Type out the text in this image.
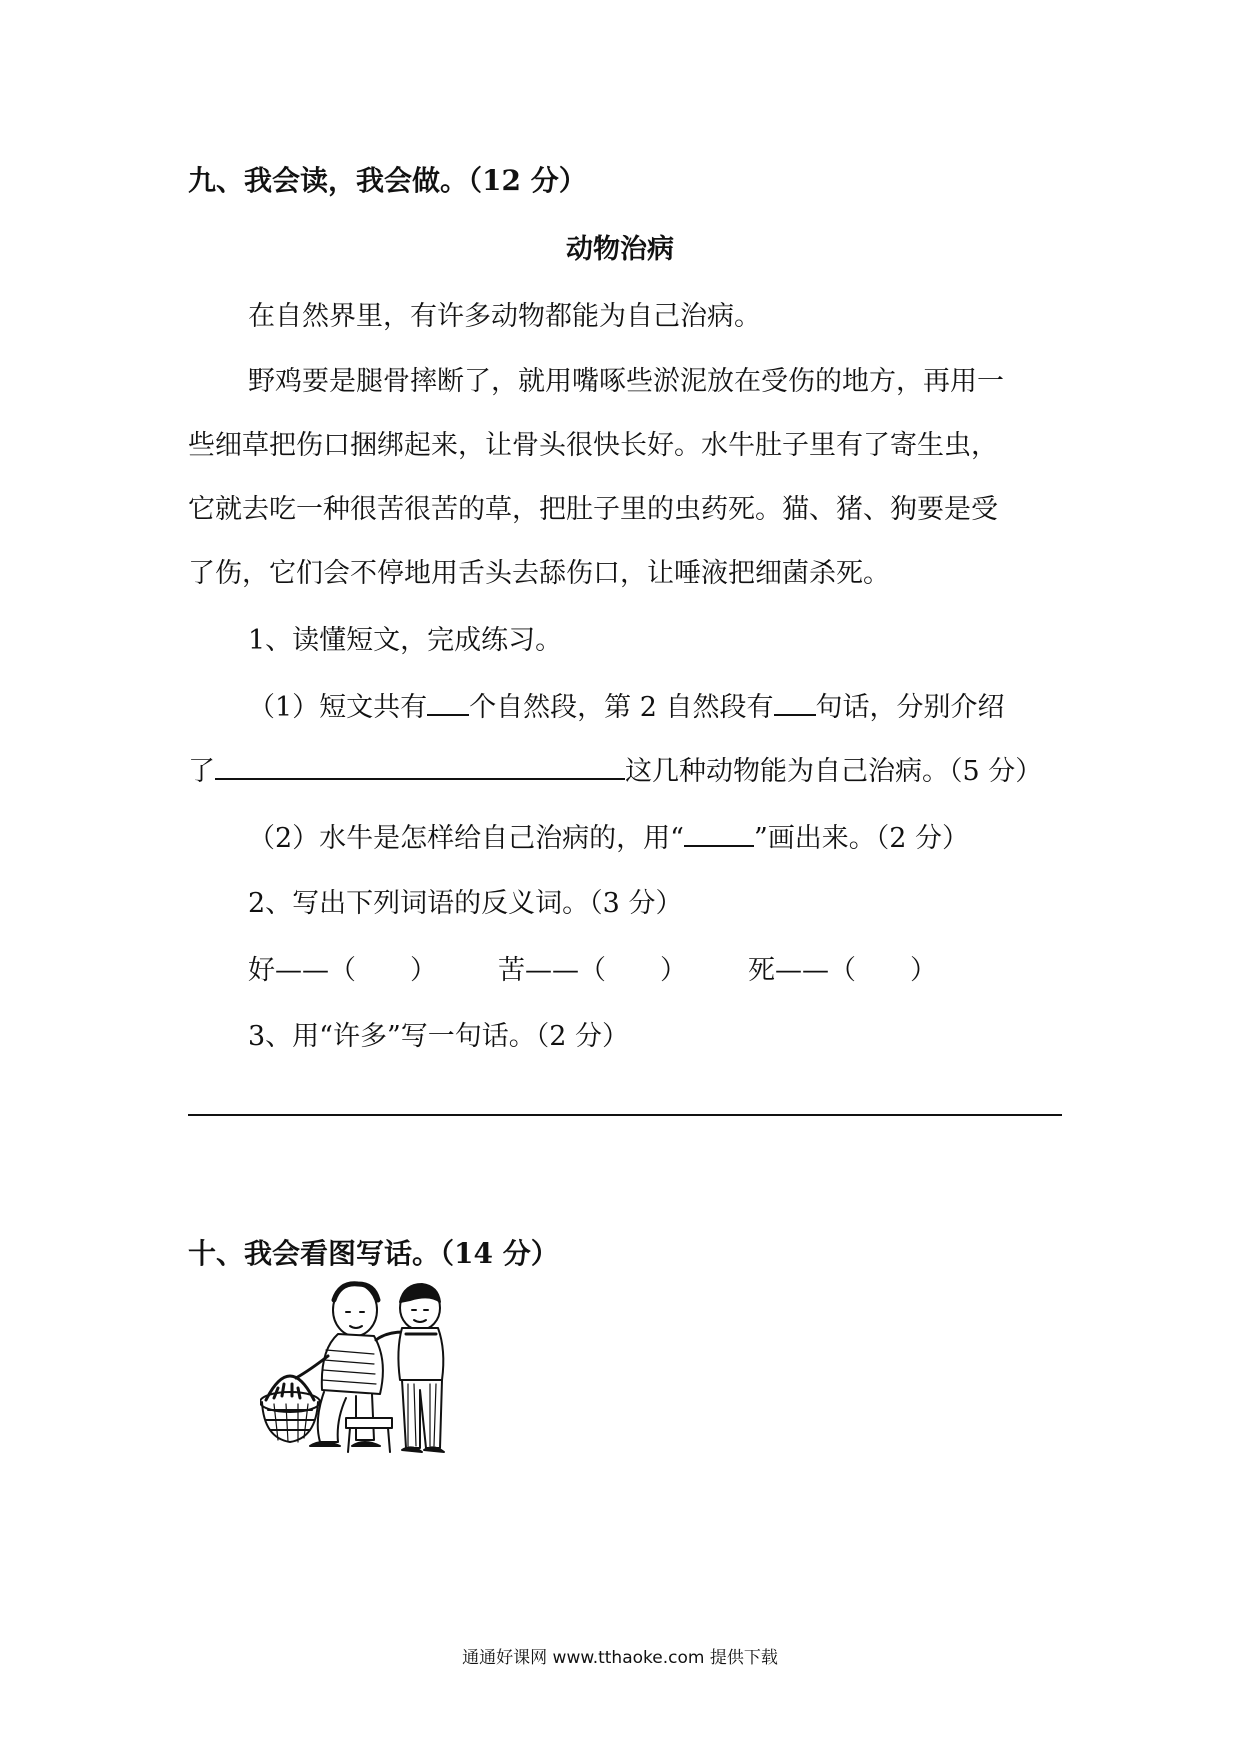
九、我会读，我会做。（12 分）
动物治病
在自然界里，有许多动物都能为自己治病。
野鸡要是腿骨摔断了，就用嘴啄些淤泥放在受伤的地方，再用一
些细草把伤口捆绑起来，让骨头很快长好。水牛肚子里有了寄生虫，
它就去吃一种很苦很苦的草，把肚子里的虫药死。猫、猪、狗要是受
了伤，它们会不停地用舌头去舔伤口，让唾液把细菌杀死。
1、读懂短文，完成练习。
（1）短文共有 个自然段，第 2 自然段有 句话，分别介绍
了	这几种动物能为自己治病。（5 分）
（2）水牛是怎样给自己治病的，用“	”画出来。（2 分）
2、写出下列词语的反义词。（3 分）
好——（　　） 苦——（　　） 死——（　　）
3、用“许多”写一句话。（2 分）
十、我会看图写话。（14 分）
通通好课网 www.tthaoke.com 提供下载
